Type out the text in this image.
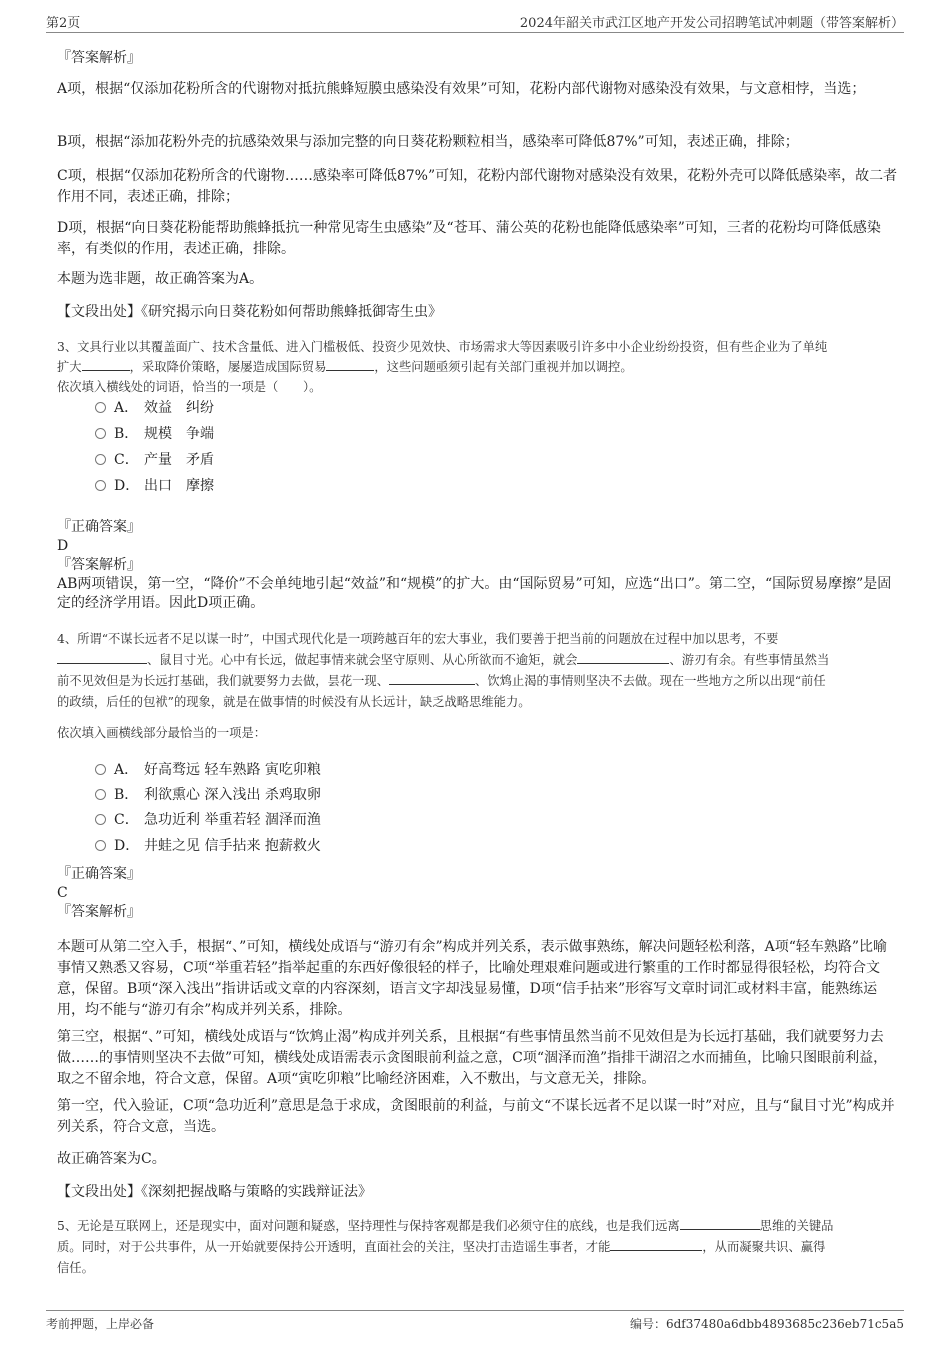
第2页	2024年韶关市武江区地产开发公司招聘笔试冲刺题（带答案解析）

『答案解析』

A项，根据“仅添加花粉所含的代谢物对抵抗熊蜂短膜虫感染没有效果”可知，花粉内部代谢物对感染没有效果，与文意相悖，当选；

B项，根据“添加花粉外壳的抗感染效果与添加完整的向日葵花粉颗粒相当，感染率可降低87%”可知，表述正确，排除；

C项，根据“仅添加花粉所含的代谢物……感染率可降低87%”可知，花粉内部代谢物对感染没有效果，花粉外壳可以降低感染率，故二者作用不同，表述正确，排除；

D项，根据“向日葵花粉能帮助熊蜂抵抗一种常见寄生虫感染”及“苍耳、蒲公英的花粉也能降低感染率”可知，三者的花粉均可降低感染率，有类似的作用，表述正确，排除。

本题为选非题，故正确答案为A。

【文段出处】《研究揭示向日葵花粉如何帮助熊蜂抵御寄生虫》

3、文具行业以其覆盖面广、技术含量低、进入门槛极低、投资少见效快、市场需求大等因素吸引许多中小企业纷纷投资，但有些企业为了单纯

扩大	，采取降价策略，屡屡造成国际贸易	，这些问题亟须引起有关部门重视并加以调控。

依次填入横线处的词语，恰当的一项是（　　）。

A． 效益　纠纷
B． 规模　争端
C． 产量　矛盾
D． 出口　摩擦

『正确答案』

D

『答案解析』

AB两项错误，第一空，“降价”不会单纯地引起“效益”和“规模”的扩大。由“国际贸易”可知，应选“出口”。第二空，“国际贸易摩擦”是固定的经济学用语。因此D项正确。

4、所谓“不谋长远者不足以谋一时”，中国式现代化是一项跨越百年的宏大事业，我们要善于把当前的问题放在过程中加以思考，不要

、鼠目寸光。心中有长远，做起事情来就会坚守原则、从心所欲而不逾矩，就会	、游刃有余。有些事情虽然当

前不见效但是为长远打基础，我们就要努力去做，昙花一现、	、饮鸩止渴的事情则坚决不去做。现在一些地方之所以出现“前任

的政绩，后任的包袱”的现象，就是在做事情的时候没有从长远计，缺乏战略思维能力。

依次填入画横线部分最恰当的一项是：

A． 好高骛远 轻车熟路 寅吃卯粮
B． 利欲熏心 深入浅出 杀鸡取卵
C． 急功近利 举重若轻 涸泽而渔
D． 井蛙之见 信手拈来 抱薪救火

『正确答案』

C

『答案解析』

本题可从第二空入手，根据“、”可知，横线处成语与“游刃有余”构成并列关系，表示做事熟练，解决问题轻松利落，A项“轻车熟路”比喻事情又熟悉又容易，C项“举重若轻”指举起重的东西好像很轻的样子，比喻处理艰难问题或进行繁重的工作时都显得很轻松，均符合文意，保留。B项“深入浅出”指讲话或文章的内容深刻，语言文字却浅显易懂，D项“信手拈来”形容写文章时词汇或材料丰富，能熟练运用，均不能与“游刃有余”构成并列关系，排除。

第三空，根据“、”可知，横线处成语与“饮鸩止渴”构成并列关系，且根据“有些事情虽然当前不见效但是为长远打基础，我们就要努力去做……的事情则坚决不去做”可知，横线处成语需表示贪图眼前利益之意，C项“涸泽而渔”指排干湖沼之水而捕鱼，比喻只图眼前利益，取之不留余地，符合文意，保留。A项“寅吃卯粮”比喻经济困难，入不敷出，与文意无关，排除。

第一空，代入验证，C项“急功近利”意思是急于求成，贪图眼前的利益，与前文“不谋长远者不足以谋一时”对应，且与“鼠目寸光”构成并列关系，符合文意，当选。

故正确答案为C。

【文段出处】《深刻把握战略与策略的实践辩证法》

5、无论是互联网上，还是现实中，面对问题和疑惑，坚持理性与保持客观都是我们必须守住的底线，也是我们远离	思维的关键品

质。同时，对于公共事件，从一开始就要保持公开透明，直面社会的关注，坚决打击造谣生事者，才能	，从而凝聚共识、赢得

信任。

考前押题，上岸必备	编号：6df37480a6dbb4893685c236eb71c5a5
